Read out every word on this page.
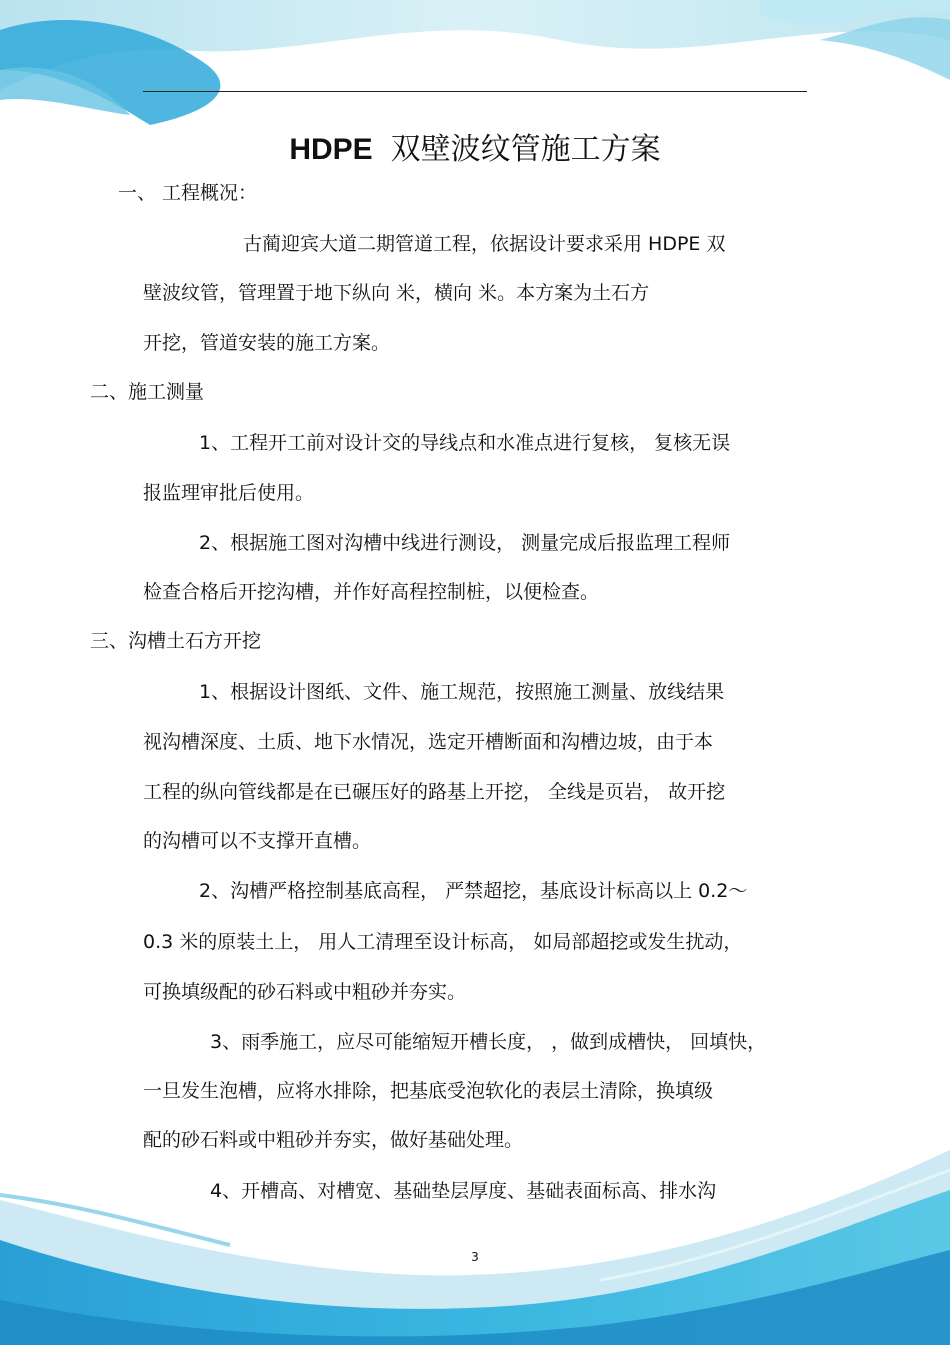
HDPE 双壁波纹管施工方案
一、 工程概况：
古蔺迎宾大道二期管道工程，依据设计要求采用 HDPE 双
壁波纹管，管理置于地下纵向 米，横向 米。本方案为土石方
开挖，管道安装的施工方案。
二、施工测量
1、工程开工前对设计交的导线点和水准点进行复核， 复核无误
报监理审批后使用。
2、根据施工图对沟槽中线进行测设， 测量完成后报监理工程师
检查合格后开挖沟槽，并作好高程控制桩，以便检查。
三、沟槽土石方开挖
1、根据设计图纸、文件、施工规范，按照施工测量、放线结果
视沟槽深度、土质、地下水情况，选定开槽断面和沟槽边坡，由于本
工程的纵向管线都是在已碾压好的路基上开挖， 全线是页岩， 故开挖
的沟槽可以不支撑开直槽。
2、沟槽严格控制基底高程， 严禁超挖，基底设计标高以上 0.2～
0.3 米的原装土上， 用人工清理至设计标高， 如局部超挖或发生扰动，
可换填级配的砂石料或中粗砂并夯实。
3、雨季施工，应尽可能缩短开槽长度， ，做到成槽快， 回填快，
一旦发生泡槽，应将水排除，把基底受泡软化的表层土清除，换填级
配的砂石料或中粗砂并夯实，做好基础处理。
4、开槽高、对槽宽、基础垫层厚度、基础表面标高、排水沟
3
